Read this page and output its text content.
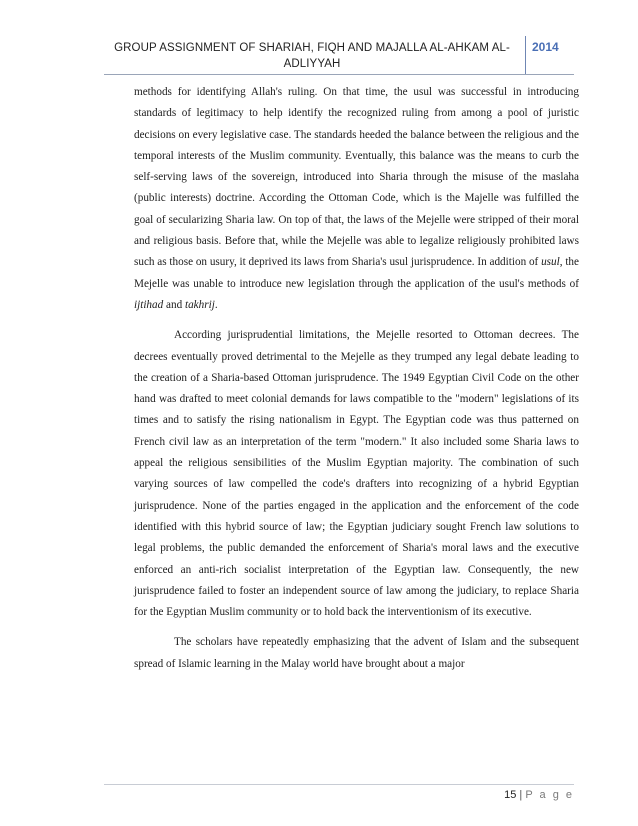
GROUP ASSIGNMENT OF SHARIAH, FIQH AND MAJALLA AL-AHKAM AL-
ADLIYYAH
2014

methods for identifying Allah's ruling. On that time, the usul was successful in introducing standards of legitimacy to help identify the recognized ruling from among a pool of juristic decisions on every legislative case. The standards heeded the balance between the religious and the temporal interests of the Muslim community. Eventually, this balance was the means to curb the self-serving laws of the sovereign, introduced into Sharia through the misuse of the maslaha (public interests) doctrine. According the Ottoman Code, which is the Majelle was fulfilled the goal of secularizing Sharia law. On top of that, the laws of the Mejelle were stripped of their moral and religious basis. Before that, while the Mejelle was able to legalize religiously prohibited laws such as those on usury, it deprived its laws from Sharia's usul jurisprudence. In addition of usul, the Mejelle was unable to introduce new legislation through the application of the usul's methods of ijtihad and takhrij.

According jurisprudential limitations, the Mejelle resorted to Ottoman decrees. The decrees eventually proved detrimental to the Mejelle as they trumped any legal debate leading to the creation of a Sharia-based Ottoman jurisprudence. The 1949 Egyptian Civil Code on the other hand was drafted to meet colonial demands for laws compatible to the "modern" legislations of its times and to satisfy the rising nationalism in Egypt. The Egyptian code was thus patterned on French civil law as an interpretation of the term "modern." It also included some Sharia laws to appeal the religious sensibilities of the Muslim Egyptian majority. The combination of such varying sources of law compelled the code's drafters into recognizing of a hybrid Egyptian jurisprudence. None of the parties engaged in the application and the enforcement of the code identified with this hybrid source of law; the Egyptian judiciary sought French law solutions to legal problems, the public demanded the enforcement of Sharia's moral laws and the executive enforced an anti-rich socialist interpretation of the Egyptian law. Consequently, the new jurisprudence failed to foster an independent source of law among the judiciary, to replace Sharia for the Egyptian Muslim community or to hold back the interventionism of its executive.

The scholars have repeatedly emphasizing that the advent of Islam and the subsequent spread of Islamic learning in the Malay world have brought about a major

15 | P a g e
